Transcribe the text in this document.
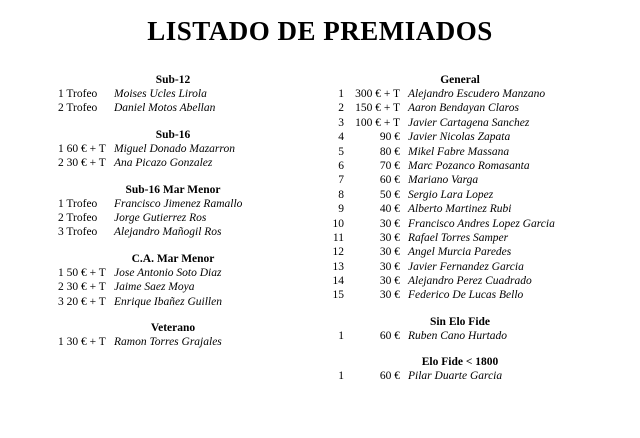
LISTADO DE PREMIADOS
Sub-12
1 Trofeo Moises Ucles Lirola
2 Trofeo Daniel Motos Abellan
Sub-16
1 60 € + T Miguel Donado Mazarron
2 30 € + T Ana Picazo Gonzalez
Sub-16 Mar Menor
1 Trofeo Francisco Jimenez Ramallo
2 Trofeo Jorge Gutierrez Ros
3 Trofeo Alejandro Mañogil Ros
C.A. Mar Menor
1 50 € + T Jose Antonio Soto Diaz
2 30 € + T Jaime Saez Moya
3 20 € + T Enrique Ibañez Guillen
Veterano
1 30 € + T Ramon Torres Grajales
General
1 300 € + T Alejandro Escudero Manzano
2 150 € + T Aaron Bendayan Claros
3 100 € + T Javier Cartagena Sanchez
4	90 € Javier Nicolas Zapata
5	80 € Mikel Fabre Massana
6	70 € Marc Pozanco Romasanta
7	60 € Mariano Varga
8	50 € Sergio Lara Lopez
9	40 € Alberto Martinez Rubi
10	30 € Francisco Andres Lopez Garcia
11	30 € Rafael Torres Samper
12	30 € Angel Murcia Paredes
13	30 € Javier Fernandez Garcia
14	30 € Alejandro Perez Cuadrado
15	30 € Federico De Lucas Bello
Sin Elo Fide
1	60 € Ruben Cano Hurtado
Elo Fide < 1800
1	60 € Pilar Duarte Garcia
